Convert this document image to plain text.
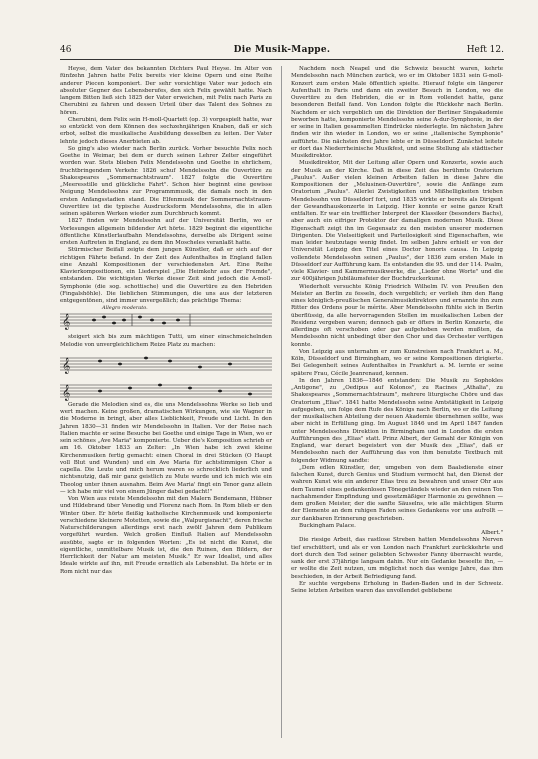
46	Die Musik-Mappe.	Heft 12.

Heyse, dem Vater des bekannten Dichters Paul Heyse. Im Alter von fünfzehn Jahren hatte Felix bereits vier kleine Opern und eine Reihe anderer Piecen komponiert. Der sehr vorsichtige Vater war jedoch ein absoluter Gegner des Lebensberufes, den sich Felix gewählt hatte. Nach langem Bitten ließ sich 1825 der Vater erweichen, mit Felix nach Paris zu Cherubini zu fahren und dessen Urteil über das Talent des Sohnes zu hören.

Cherubini, dem Felix sein H-moll-Quartett (op. 3) vorgespielt hatte, war so entzückt von dem Können des sechzehnjährigen Knaben, daß er sich erbot, selbst die musikalische Ausbildung desselben zu leiten. Der Vater lehnte jedoch dieses Anerbieten ab.

So ging's also wieder nach Berlin zurück. Vorher besuchte Felix noch Goethe in Weimar, bei dem er durch seinen Lehrer Zelter eingeführt worden war. Stets blieben Felix Mendelssohn und Goethe in ehrlichem, fruchtbringendem Verkehr. 1826 schuf Mendelssohn die Ouvertüre zu Shakespeares „Sommernachtstraum". 1827 folgte die Ouvertüre „Meeresstille und glückliche Fahrt". Schon hier beginnt eine gewisse Neigung Mendelssohns zur Programmmusik, die damals noch in den ersten Anfangsstadien stand. Die Elfenmusik der Sommernachtstraum-Ouvertüre ist die typische Ausdrucksform Mendelssohns, die in allen seinen späteren Werken wieder zum Durchbruch kommt.

1827 finden wir Mendelssohn auf der Universität Berlin, wo er Vorlesungen allgemein bildender Art hörte. 1829 beginnt die eigentliche öffentliche Künstlerlaufbahn Mendelssohns, derselbe als Dirigent seine ersten Auftreten in England, zu dem ihn Moscheles veranlaßt hatte.

Stürmischer Beifall zeigte dem jungen Künstler, daß er sich auf der richtigen Fährte befand. In der Zeit des Aufenthaltes in England fallen eine Anzahl Kompositionen der verschiedensten Art. Eine Reihe Klavierkompositionen, ein Liederspiel „Die Heimkehr aus der Fremde", entstanden. Die wichtigsten Werke dieser Zeit sind jedoch die A-moll-Symphonie (die sog. schottische) und die Ouvertüre zu den Hebriden (Fingalshöhle). Die lieblichen Stimmungen, die uns aus der letzteren entgegentönen, sind immer unvergeßlich; das prächtige Thema:

Allegro moderato.
𝄞

steigert sich bis zum mächtigen Tutti, um einer einschmeichelnden Melodie von unvergleichlichem Reize Platz zu machen:

𝄞
𝄞

Gerade die Melodien sind es, die uns Mendelssohns Werke so lieb und wert machen. Keine großen, dramatischen Wirkungen, wie sie Wagner in die Moderne in bringt, aber alles Lieblichkeit, Freude und Licht. In den Jahren 1830—31 finden wir Mendelssohn in Italien. Vor der Reise nach Italien machte er seine Besuche bei Goethe und einige Tage in Wien, wo er sein schönes „Ave Maria" komponierte. Ueber die's Komposition schrieb er am 16. Oktober 1833 an Zelter: „In Wien habe ich zwei kleine Kirchenmusiken fertig gemacht: einen Choral in drei Stücken (O Haupt voll Blut und Wunden) und ein Ave Maria für achtstimmigen Chor a capella. Die Leute und mich herum waren so schrecklich liederlich und nichtsnutzig, daß mir ganz geistlich zu Mute wurde und ich mich wie ein Theolog unter ihnen ausnahm. Beim Ave Maria' fingt ein Tenor ganz allein — ich habe mir viel von einem Jünger dabei gedacht!"

Von Wien aus reiste Mendelssohn mit den Malern Bendemann, Hübner und Hildebrand über Venedig und Florenz nach Rom. In Rom blieb er den Winter über. Er hörte fleißig katholische Kirchenmusik und komponierte verschiedene kleinere Motetten, sowie die „Walpurgisnacht", deren frische Naturschilderungen allerdings erst nach zwölf Jahren dem Publikum vorgeführt wurden. Welch großen Einfluß Italien auf Mendelssohn ausübte, sagte er in folgenden Worten: „Es ist nicht die Kunst, die eigentliche, unmittelbare Musik ist, die den Ruinen, den Bildern, der Herrlichkeit der Natur am meisten Musik." Er war Idealist, und alles Ideale wirkte auf ihn, mit Freude ernstlich als Lebensblut. Da hörte er in Rom nicht nur das

Nachdem noch Neapel und die Schweiz besucht waren, kehrte Mendelssohn nach München zurück, wo er im Oktober 1831 sein G-moll-Konzert zum ersten Male öffentlich spielte. Hierauf folgte ein längerer Aufenthalt in Paris und dann ein zweiter Besuch in London, wo die Ouvertüre zu den Hebriden, die er in Rom vollendet hatte, ganz besonderen Beifall fand. Von London folgte die Rückkehr nach Berlin. Nachdem er sich vergeblich um die Direktion der Berliner Singakademie beworben hatte, komponierte Mendelssohn seine A-dur-Symphonie, in der er seine in Italien gesammelten Eindrücke niederlegte. Im nächsten Jahre finden wir ihn wieder in London, wo er seine „italienische Symphonie" aufführte. Die nächsten drei Jahre lebte er in Düsseldorf. Zunächst leitete er dort das Niederrheinische Musikfest, und seine Stellung als städtischer Musikdirektor.

Musikdirektor, Mit der Leitung aller Opern und Konzerte, sowie auch der Musik an der Kirche. Daß in diese Zeit das berühmte Oratorium „Paulus". Außer vielen kleinen Arbeiten fallen in diese Jahre die Kompositionen der „Melusinen-Ouvertüre", sowie die Anfänge zum Oratorium „Paulus". Allerlei Zwistigkeiten und Mißhelligkeiten trieben Mendelssohn von Düsseldorf fort, und 1835 wirkte er bereits als Dirigent der Gewandhauskonzerte in Leipzig. Hier konnte er seine ganze Kraft entfalten. Er war ein trefflicher Interpret der Klassiker (besonders Bachs), aber auch ein eifriger Protektor der damaligen modernen Musik. Diese Eigenschaft zeigt ihn im Gegensatz zu den meisten unserer modernen Dirigenten. Die Vielseitigkeit und Parteilosigkeit sind Eigenschaften, wie man leider heutzutage wenig findet. Im selben Jahre erhielt er von der Universität Leipzig den Titel eines Doctor honoris causa. In Leipzig vollendete Mendelssohn seinen „Paulus", der 1836 zum ersten Male in Düsseldorf zur Aufführung kam. Es entstanden die 95. und der 114. Psalm, viele Klavier- und Kammermusikwerke, die „Lieder ohne Worte" und die zur 400jährigen Jubiläumsfeier der Buchdruckerkunst.

Wiederholt versuchte König Friedrich Wilhelm IV. von Preußen den Meister an Berlin zu fesseln, doch vergeblich; er verlieh ihm den Rang eines königlich-preußischen Generalmusikdirektors und ernannte ihn zum Ritter des Ordens pour le mérite. Aber Mendelssohn fühlte sich in Berlin überflüssig, da alle hervorragenden Stellen im musikalischen Leben der Residenz vergeben waren; dennoch gab er öfters in Berlin Konzerte, die allerdings oft verschoben oder gar aufgehoben werden mußten, da Mendelssohn nicht unbedingt über den Chor und das Orchester verfügen konnte.

Von Leipzig aus unternahm er zum Kunstreisen nach Frankfurt a. M., Köln, Düsseldorf und Birmingham, wo er seine Kompositionen dirigierte. Bei Gelegenheit seines Aufenthaltes in Frankfurt a. M. lernte er seine spätere Frau, Cécile Jeanrenaud, kennen.

In den Jahren 1836—1846 entstanden: Die Musik zu Sophokles „Antigone", zu „Oedipus auf Kolonos", zu Racines „Athalia", zu Shakespeares „Sommernachtstraum", mehrere liturgische Chöre und das Oratorium „Elias". 1841 hatte Mendelssohn seine Amtstätigkeit in Leipzig aufgegeben, um folge dem Rufe des Königs nach Berlin, wo er die Leitung der musikalischen Abteilung der neuen Akademie übernehmen sollte, was aber nicht in Erfüllung ging. Im August 1846 und im April 1847 fanden unter Mendelssohns Direktion in Birmingham und in London die ersten Aufführungen des „Elias" statt. Prinz Albert, der Gemahl der Königin von England, war derart begeistert von der Musik des „Elias", daß er Mendelssohn nach der Aufführung das von ihm benutzte Textbuch mit folgender Widmung sandte:

„Dem edlen Künstler, der, umgeben von dem Baalsdienste einer falschen Kunst, durch Genius und Studium vermocht hat, den Dienst der wahren Kunst wie ein anderer Elias treu zu bewahren und unser Ohr aus dem Taumel eines gedankenlosen Tönegetändels wieder an den reinen Ton nachahmender Empfindung und gesetzmäßiger Harmonie zu gewöhnen — dem großen Meister, der die sanfte Säuselns, wie alle mächtigen Sturm der Elemente an dem ruhigen Faden seines Gedankens vor uns aufrollt — zur dankbaren Erinnerung geschrieben.

Buckingham Palace.

Albert."

Die riesige Arbeit, das rastlose Streben hatten Mendelssohns Nerven tief erschüttert, und als er von London nach Frankfurt zurückkehrte und dort durch den Tod seiner geliebten Schwester Fanny überrascht wurde, sank der erst 37jährige langsam dahin. Nur ein Gedanke beseelte ihn, — er wollte die Zeit nutzen, um möglichst noch das wenige Jahre, das ihm beschieden, in der Arbeit Befriedigung fand.

Er suchte vergebens Erholung in Baden-Baden und in der Schweiz. Seine letzten Arbeiten waren das unvollendet gebliebene
